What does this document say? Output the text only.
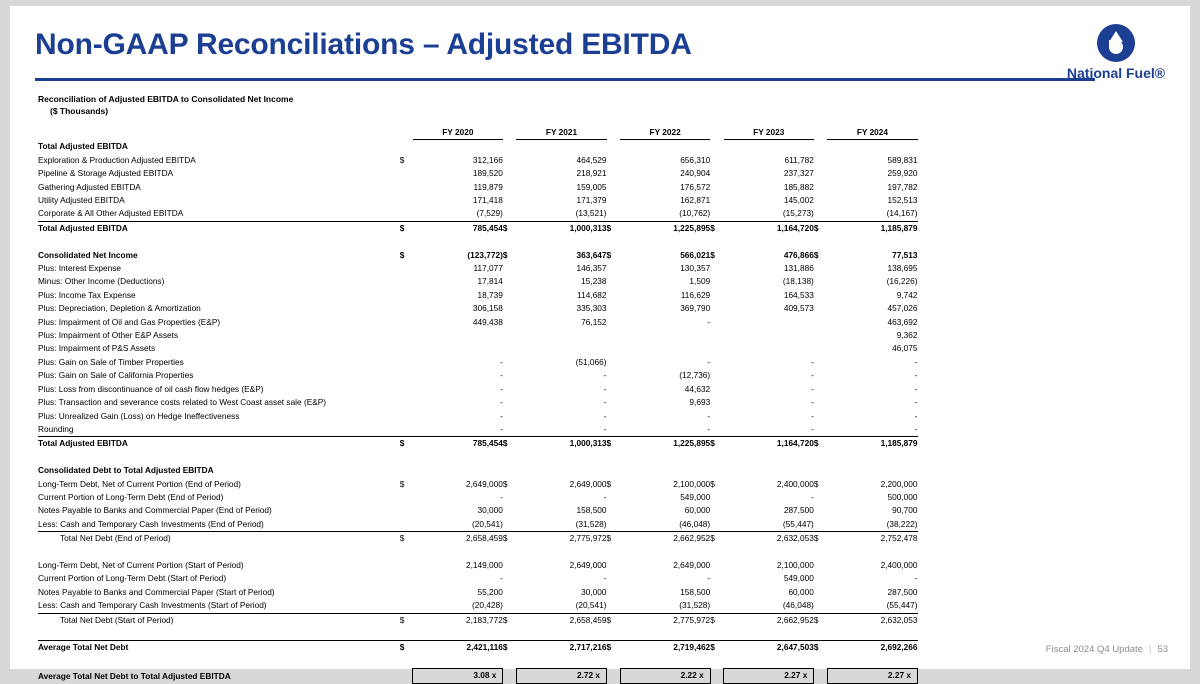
Non-GAAP Reconciliations – Adjusted EBITDA
National Fuel®
Reconciliation of Adjusted EBITDA to Consolidated Net Income
($ Thousands)
		FY 2020		FY 2021		FY 2022		FY 2023		FY 2024
Total Adjusted EBITDA										
Exploration & Production Adjusted EBITDA	$	312,166		464,529		656,310		611,782		589,831
Pipeline & Storage Adjusted EBITDA		189,520		218,921		240,904		237,327		259,920
Gathering Adjusted EBITDA		119,879		159,005		176,572		185,882		197,782
Utility Adjusted EBITDA		171,418		171,379		162,871		145,002		152,513
Corporate & All Other Adjusted EBITDA		(7,529)		(13,521)		(10,762)		(15,273)		(14,167)
Total Adjusted EBITDA	$	785,454	$	1,000,313	$	1,225,895	$	1,164,720	$	1,185,879

Consolidated Net Income	$	(123,772)	$	363,647	$	566,021	$	476,866	$	77,513
Plus: Interest Expense		117,077		146,357		130,357		131,886		138,695
Minus: Other Income (Deductions)		17,814		15,238		1,509		(18,138)		(16,226)
Plus: Income Tax Expense		18,739		114,682		116,629		164,533		9,742
Plus: Depreciation, Depletion & Amortization		306,158		335,303		369,790		409,573		457,026
Plus: Impairment of Oil and Gas Properties (E&P)		449,438		76,152		-				463,692
Plus: Impairment of Other E&P Assets										9,362
Plus: Impairment of P&S Assets										46,075
Plus: Gain on Sale of Timber Properties		-		(51,066)		-		-		-
Plus: Gain on Sale of California Properties		-		-		(12,736)		-		-
Plus: Loss from discontinuance of oil cash flow hedges (E&P)		-		-		44,632		-		-
Plus: Transaction and severance costs related to West Coast asset sale (E&P)		-		-		9,693		-		-
Plus: Unrealized Gain (Loss) on Hedge Ineffectiveness		-		-		-		-		-
Rounding		-		-		-		-		-
Total Adjusted EBITDA	$	785,454	$	1,000,313	$	1,225,895	$	1,164,720	$	1,185,879

Consolidated Debt to Total Adjusted EBITDA										
Long-Term Debt, Net of Current Portion (End of Period)	$	2,649,000	$	2,649,000	$	2,100,000	$	2,400,000	$	2,200,000
Current Portion of Long-Term Debt (End of Period)		-		-		549,000		-		500,000
Notes Payable to Banks and Commercial Paper (End of Period)		30,000		158,500		60,000		287,500		90,700
Less: Cash and Temporary Cash Investments (End of Period)		(20,541)		(31,528)		(46,048)		(55,447)		(38,222)
Total Net Debt (End of Period)	$	2,658,459	$	2,775,972	$	2,662,952	$	2,632,053	$	2,752,478

Long-Term Debt, Net of Current Portion (Start of Period)		2,149,000		2,649,000		2,649,000		2,100,000		2,400,000
Current Portion of Long-Term Debt (Start of Period)		-		-		-		549,000		-
Notes Payable to Banks and Commercial Paper (Start of Period)		55,200		30,000		158,500		60,000		287,500
Less: Cash and Temporary Cash Investments (Start of Period)		(20,428)		(20,541)		(31,528)		(46,048)		(55,447)
Total Net Debt (Start of Period)	$	2,183,772	$	2,658,459	$	2,775,972	$	2,662,952	$	2,632,053

Average Total Net Debt	$	2,421,116	$	2,717,216	$	2,719,462	$	2,647,503	$	2,692,266

Average Total Net Debt to Total Adjusted EBITDA		3.08 x		2.72 x		2.22 x		2.27 x		2.27 x
Fiscal 2024 Q4 Update | 53
